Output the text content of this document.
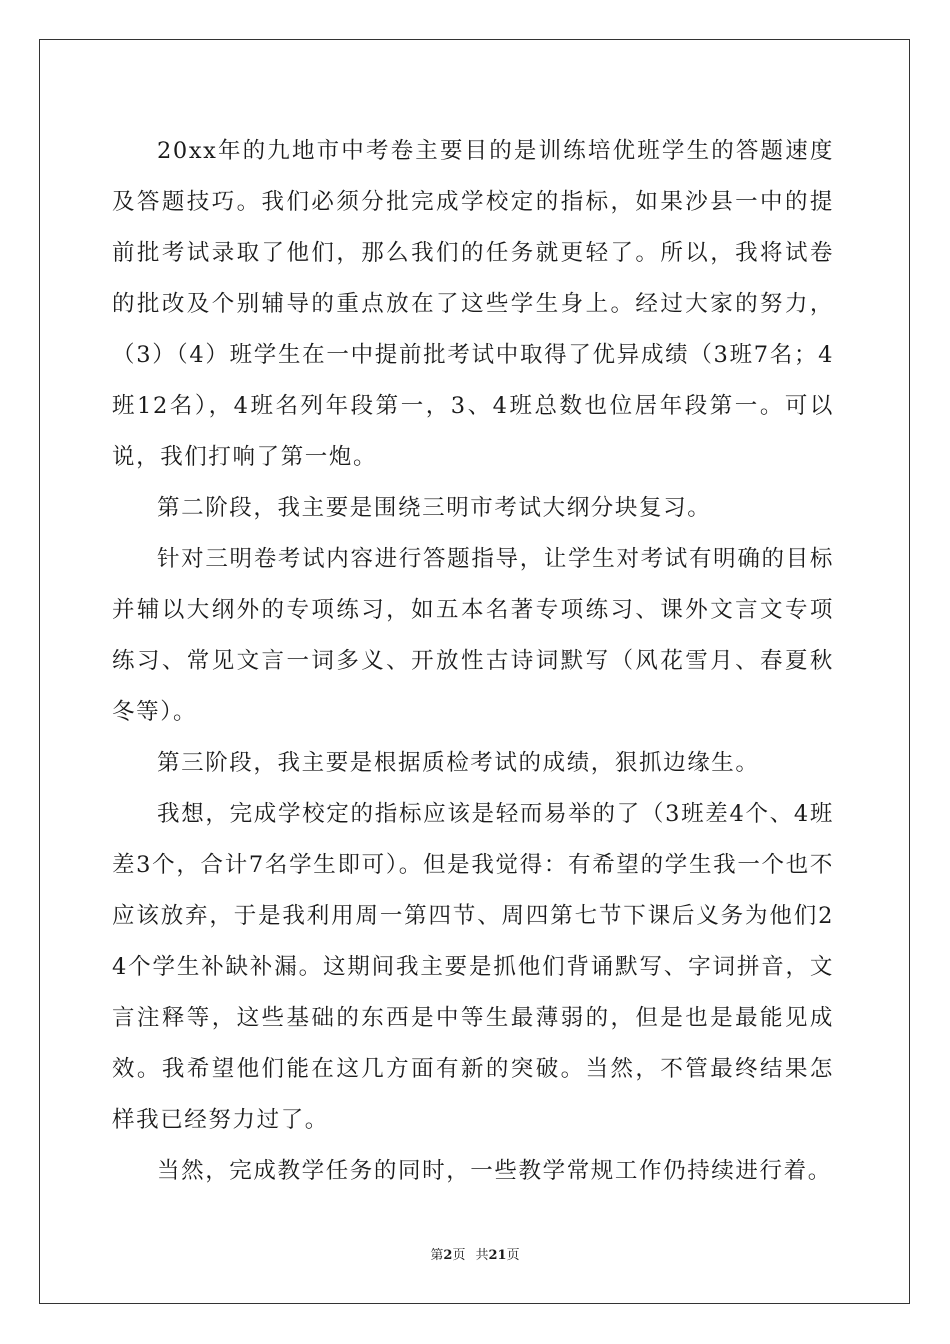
20xx年的九地市中考卷主要目的是训练培优班学生的答题速度及答题技巧。我们必须分批完成学校定的指标，如果沙县一中的提前批考试录取了他们，那么我们的任务就更轻了。所以，我将试卷的批改及个别辅导的重点放在了这些学生身上。经过大家的努力，（3）（4）班学生在一中提前批考试中取得了优异成绩（3班7名；4班12名），4班名列年段第一，3、4班总数也位居年段第一。可以说，我们打响了第一炮。

第二阶段，我主要是围绕三明市考试大纲分块复习。

针对三明卷考试内容进行答题指导，让学生对考试有明确的目标并辅以大纲外的专项练习，如五本名著专项练习、课外文言文专项练习、常见文言一词多义、开放性古诗词默写（风花雪月、春夏秋冬等）。

第三阶段，我主要是根据质检考试的成绩，狠抓边缘生。

我想，完成学校定的指标应该是轻而易举的了（3班差4个、4班差3个，合计7名学生即可）。但是我觉得：有希望的学生我一个也不应该放弃，于是我利用周一第四节、周四第七节下课后义务为他们24个学生补缺补漏。这期间我主要是抓他们背诵默写、字词拼音，文言注释等，这些基础的东西是中等生最薄弱的，但是也是最能见成效。我希望他们能在这几方面有新的突破。当然，不管最终结果怎样我已经努力过了。

当然，完成教学任务的同时，一些教学常规工作仍持续进行着。

第2页 共21页
